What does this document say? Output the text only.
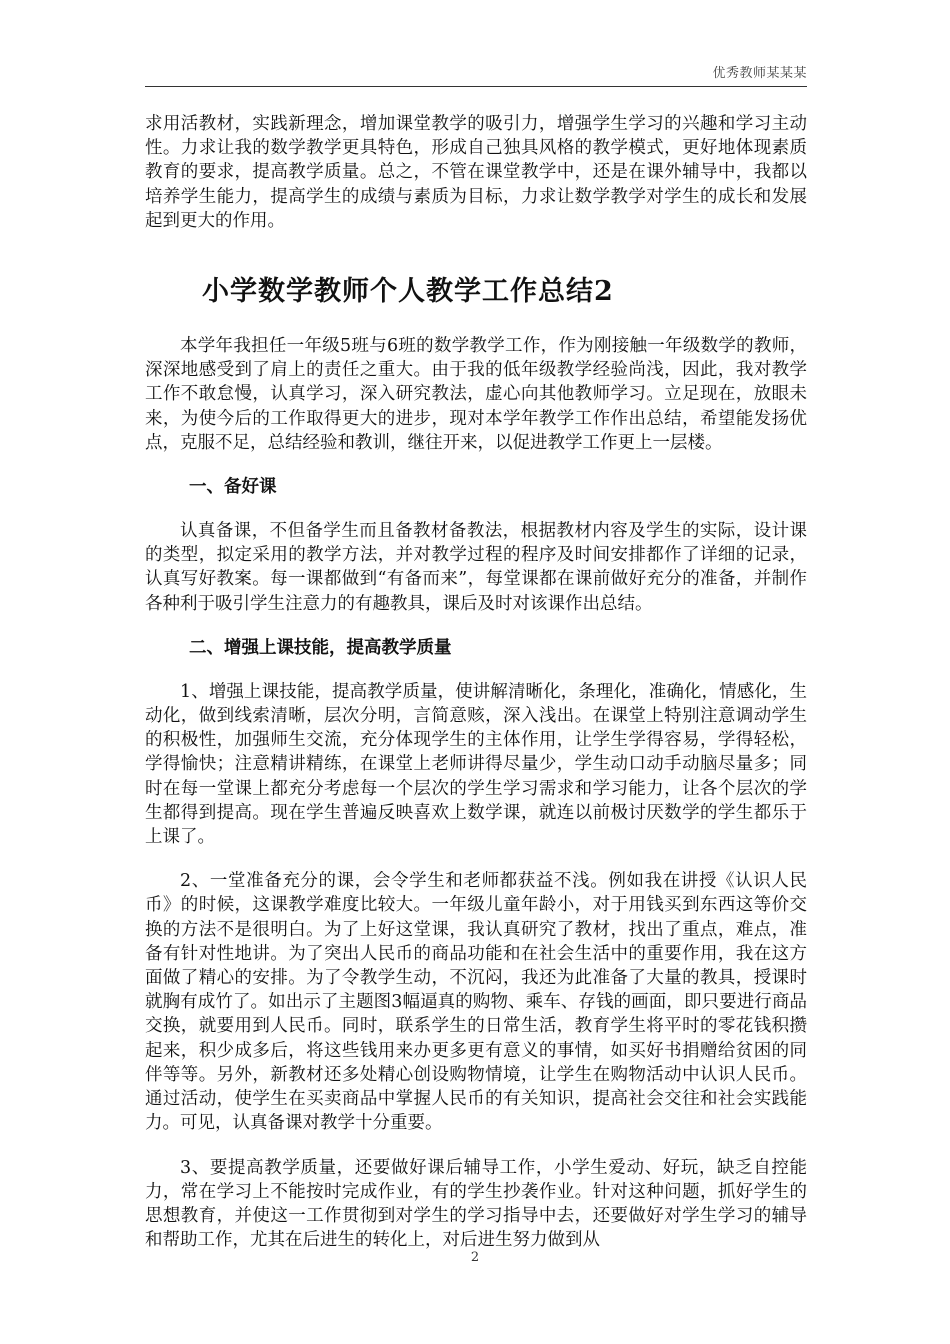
优秀教师某某某

求用活教材，实践新理念，增加课堂教学的吸引力，增强学生学习的兴趣和学习主动性。力求让我的数学教学更具特色，形成自己独具风格的教学模式，更好地体现素质教育的要求，提高教学质量。总之，不管在课堂教学中，还是在课外辅导中，我都以培养学生能力，提高学生的成绩与素质为目标，力求让数学教学对学生的成长和发展起到更大的作用。

小学数学教师个人教学工作总结2

本学年我担任一年级5班与6班的数学教学工作，作为刚接触一年级数学的教师，深深地感受到了肩上的责任之重大。由于我的低年级教学经验尚浅，因此，我对教学工作不敢怠慢，认真学习，深入研究教法，虚心向其他教师学习。立足现在，放眼未来，为使今后的工作取得更大的进步，现对本学年教学工作作出总结，希望能发扬优点，克服不足，总结经验和教训，继往开来，以促进教学工作更上一层楼。

一、备好课

认真备课，不但备学生而且备教材备教法，根据教材内容及学生的实际，设计课的类型，拟定采用的教学方法，并对教学过程的程序及时间安排都作了详细的记录，认真写好教案。每一课都做到“有备而来”，每堂课都在课前做好充分的准备，并制作各种利于吸引学生注意力的有趣教具，课后及时对该课作出总结。

二、增强上课技能，提高教学质量

1、增强上课技能，提高教学质量，使讲解清晰化，条理化，准确化，情感化，生动化，做到线索清晰，层次分明，言简意赅，深入浅出。在课堂上特别注意调动学生的积极性，加强师生交流，充分体现学生的主体作用，让学生学得容易，学得轻松，学得愉快；注意精讲精练，在课堂上老师讲得尽量少，学生动口动手动脑尽量多；同时在每一堂课上都充分考虑每一个层次的学生学习需求和学习能力，让各个层次的学生都得到提高。现在学生普遍反映喜欢上数学课，就连以前极讨厌数学的学生都乐于上课了。

2、一堂准备充分的课，会令学生和老师都获益不浅。例如我在讲授《认识人民币》的时候，这课教学难度比较大。一年级儿童年龄小，对于用钱买到东西这等价交换的方法不是很明白。为了上好这堂课，我认真研究了教材，找出了重点，难点，准备有针对性地讲。为了突出人民币的商品功能和在社会生活中的重要作用，我在这方面做了精心的安排。为了令教学生动，不沉闷，我还为此准备了大量的教具，授课时就胸有成竹了。如出示了主题图3幅逼真的购物、乘车、存钱的画面，即只要进行商品交换，就要用到人民币。同时，联系学生的日常生活，教育学生将平时的零花钱积攒起来，积少成多后，将这些钱用来办更多更有意义的事情，如买好书捐赠给贫困的同伴等等。另外，新教材还多处精心创设购物情境，让学生在购物活动中认识人民币。通过活动，使学生在买卖商品中掌握人民币的有关知识，提高社会交往和社会实践能力。可见，认真备课对教学十分重要。

3、要提高教学质量，还要做好课后辅导工作，小学生爱动、好玩，缺乏自控能力，常在学习上不能按时完成作业，有的学生抄袭作业。针对这种问题，抓好学生的思想教育，并使这一工作贯彻到对学生的学习指导中去，还要做好对学生学习的辅导和帮助工作，尤其在后进生的转化上，对后进生努力做到从

2
